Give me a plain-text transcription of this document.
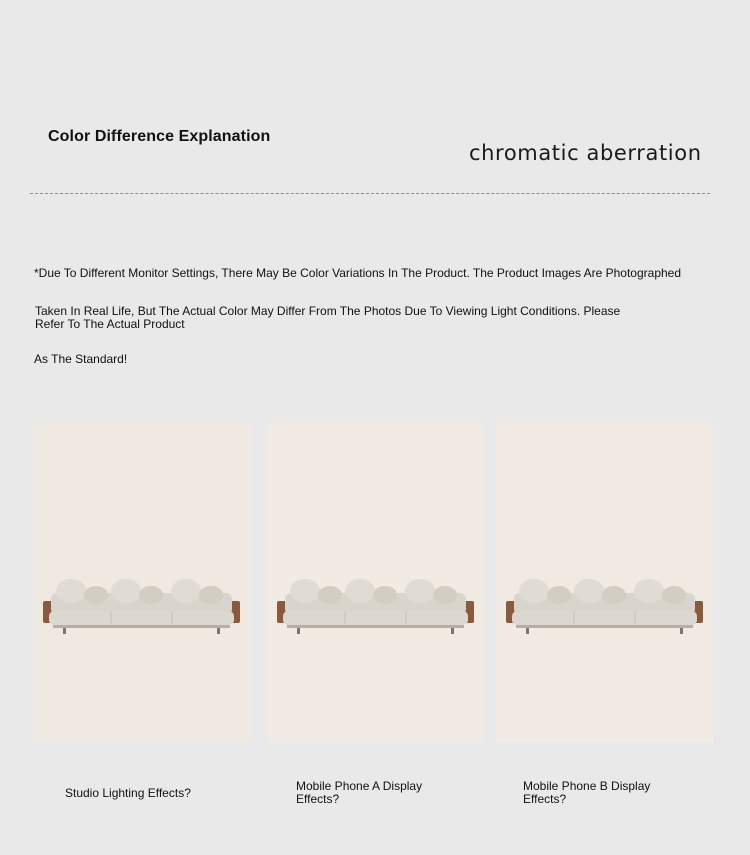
Color Difference Explanation
chromatic aberration
*Due To Different Monitor Settings, There May Be Color Variations In The Product. The Product Images Are Photographed
Taken In Real Life, But The Actual Color May Differ From The Photos Due To Viewing Light Conditions. Please Refer To The Actual Product
As The Standard!
Studio Lighting Effects?	Mobile Phone A Display Effects?
Mobile Phone B Display Effects?
